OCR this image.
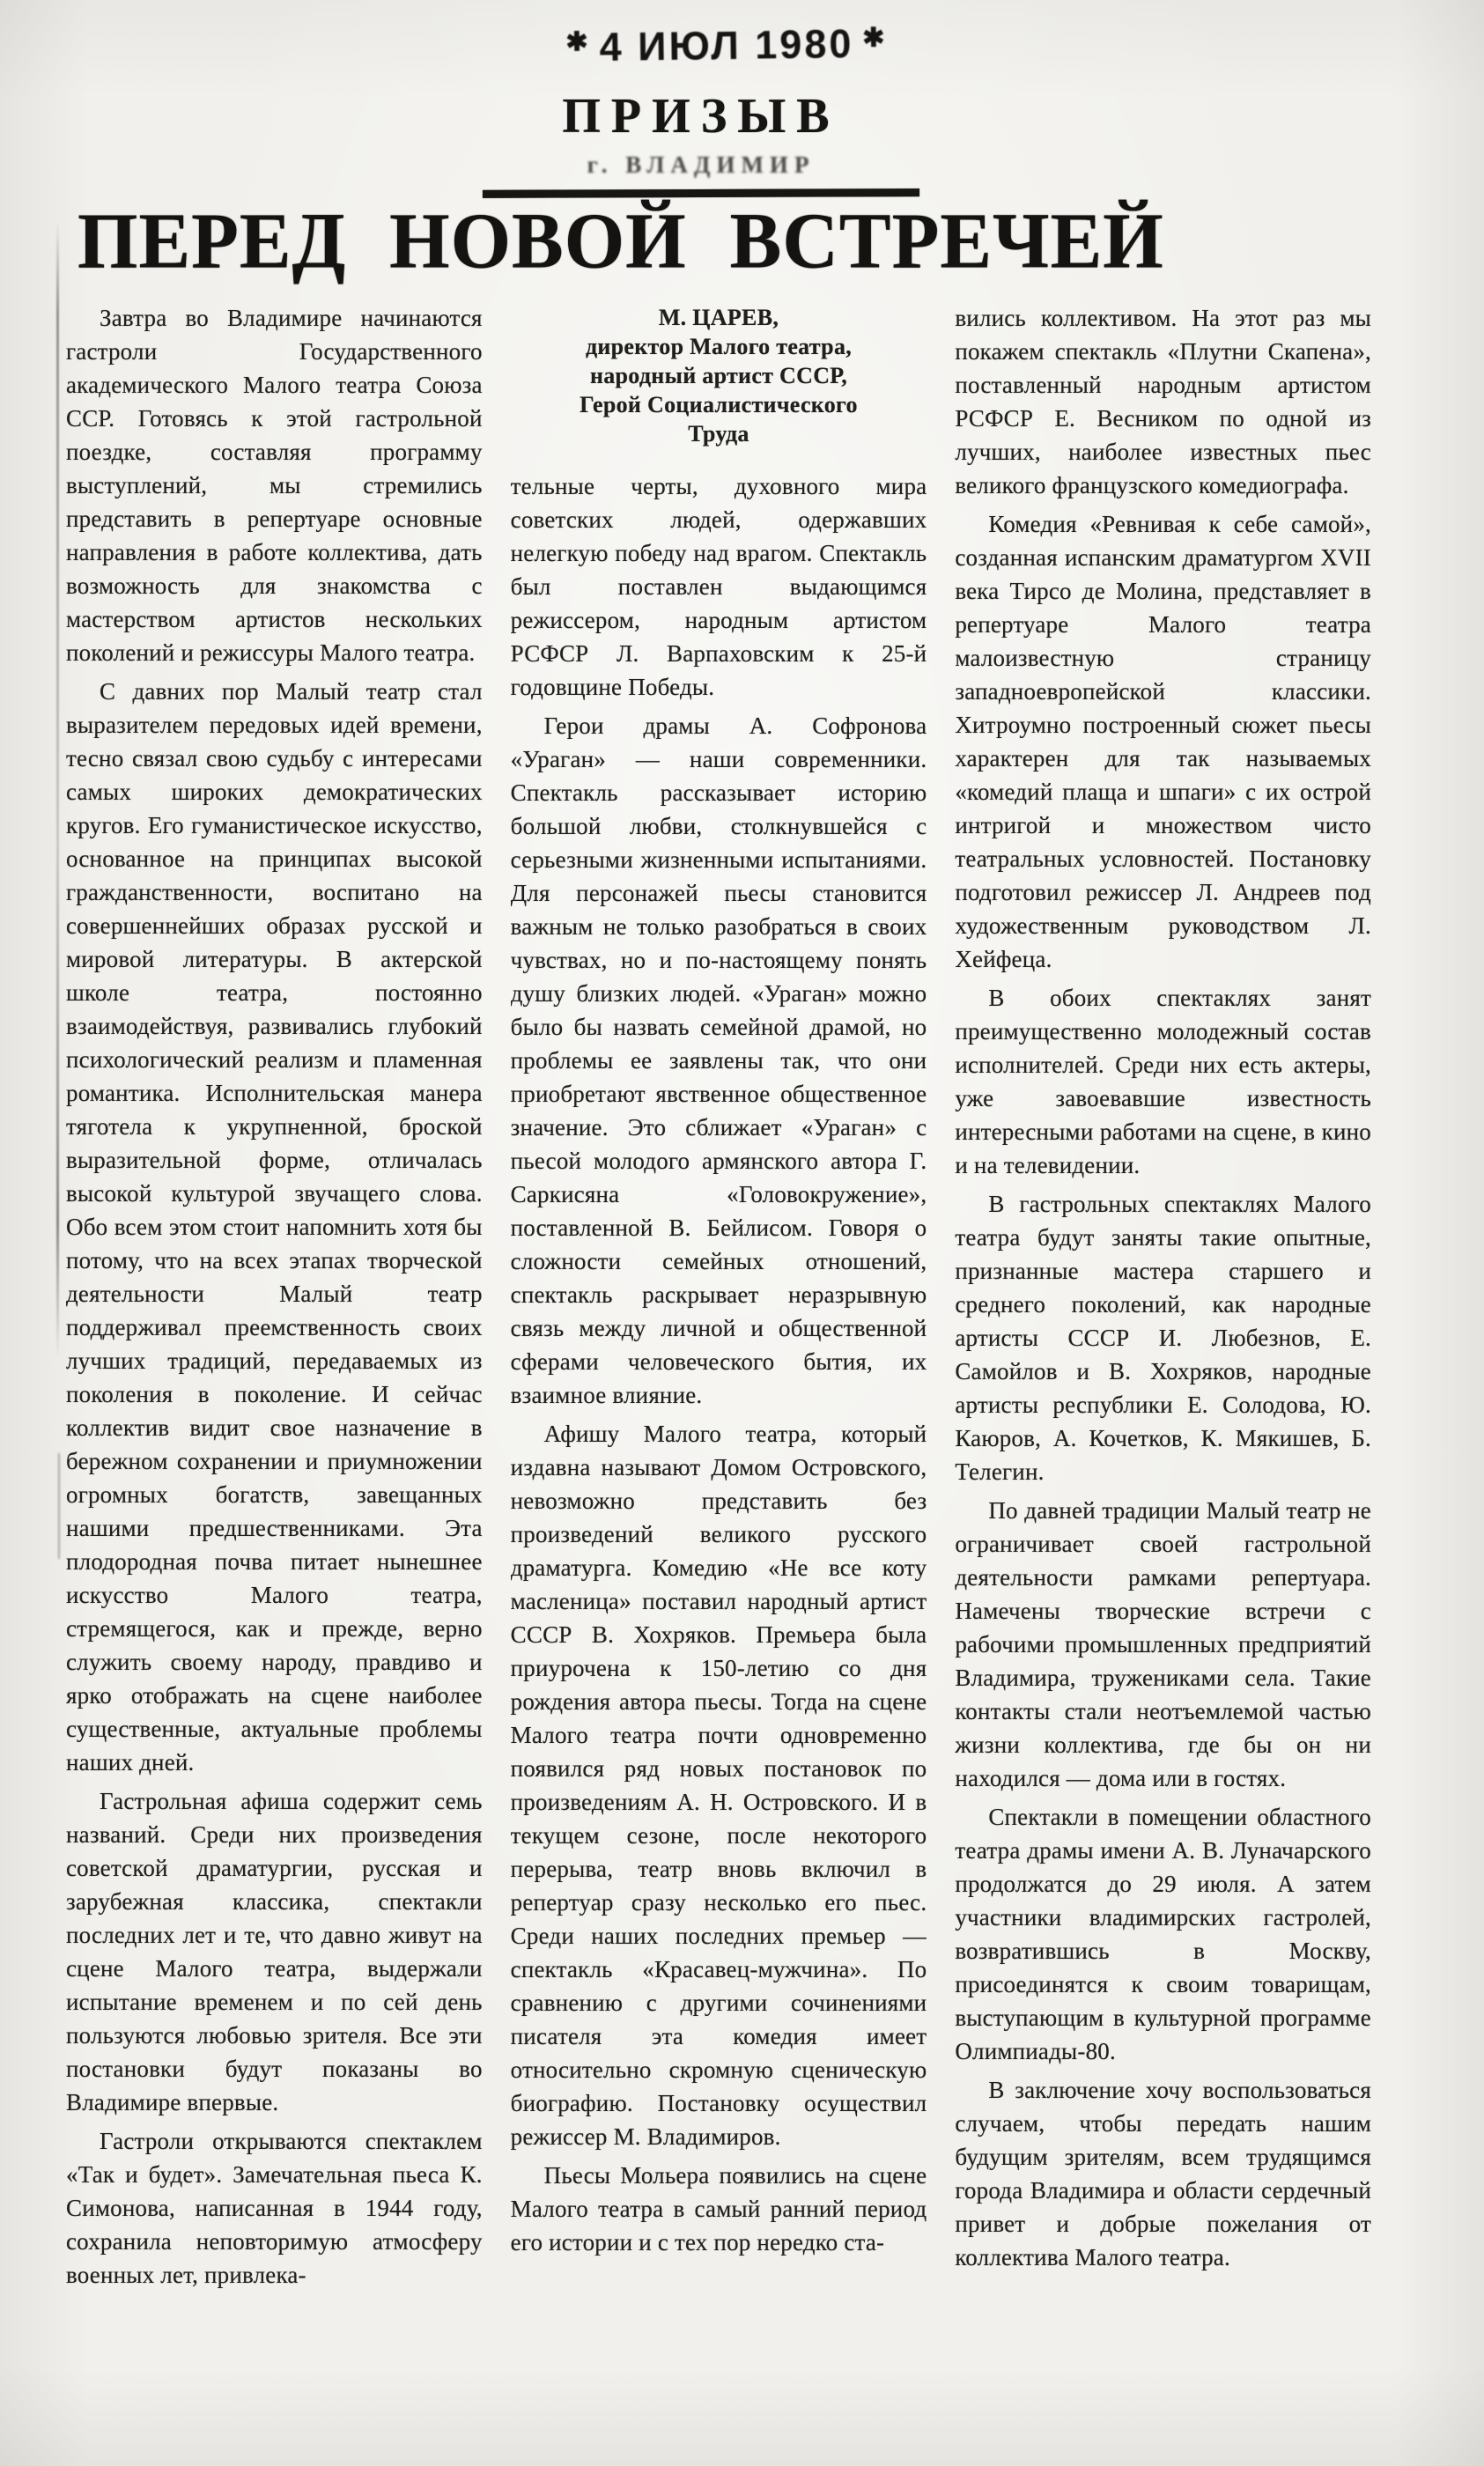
✱ 4 ИЮЛ 1980 ✱
ПРИЗЫВ
г. ВЛАДИМИР
ПЕРЕД НОВОЙ ВСТРЕЧЕЙ

Завтра во Владимире начинаются гастроли Государственного академического Малого театра Союза ССР. Готовясь к этой гастрольной поездке, составляя программу выступлений, мы стремились представить в репертуаре основные направления в работе коллектива, дать возможность для знакомства с мастерством артистов нескольких поколений и режиссуры Малого театра.

С давних пор Малый театр стал выразителем передовых идей времени, тесно связал свою судьбу с интересами самых широких демократических кругов. Его гуманистическое искусство, основанное на принципах высокой гражданственности, воспитано на совершеннейших образах русской и мировой литературы. В актерской школе театра, постоянно взаимодействуя, развивались глубокий психологический реализм и пламенная романтика. Исполнительская манера тяготела к укрупненной, броской выразительной форме, отличалась высокой культурой звучащего слова. Обо всем этом стоит напомнить хотя бы потому, что на всех этапах творческой деятельности Малый театр поддерживал преемственность своих лучших традиций, передаваемых из поколения в поколение. И сейчас коллектив видит свое назначение в бережном сохранении и приумножении огромных богатств, завещанных нашими предшественниками. Эта плодородная почва питает нынешнее искусство Малого театра, стремящегося, как и прежде, верно служить своему народу, правдиво и ярко отображать на сцене наиболее существенные, актуальные проблемы наших дней.

Гастрольная афиша содержит семь названий. Среди них произведения советской драматургии, русская и зарубежная классика, спектакли последних лет и те, что давно живут на сцене Малого театра, выдержали испытание временем и по сей день пользуются любовью зрителя. Все эти постановки будут показаны во Владимире впервые.

Гастроли открываются спектаклем «Так и будет». Замечательная пьеса К. Симонова, написанная в 1944 году, сохранила неповторимую атмосферу военных лет, привлека-

М. ЦАРЕВ,
директор Малого театра,
народный артист СССР,
Герой Социалистического
Труда

тельные черты, духовного мира советских людей, одержавших нелегкую победу над врагом. Спектакль был поставлен выдающимся режиссером, народным артистом РСФСР Л. Варпаховским к 25-й годовщине Победы.

Герои драмы А. Софронова «Ураган» — наши современники. Спектакль рассказывает историю большой любви, столкнувшейся с серьезными жизненными испытаниями. Для персонажей пьесы становится важным не только разобраться в своих чувствах, но и по-настоящему понять душу близких людей. «Ураган» можно было бы назвать семейной драмой, но проблемы ее заявлены так, что они приобретают явственное общественное значение. Это сближает «Ураган» с пьесой молодого армянского автора Г. Саркисяна «Головокружение», поставленной В. Бейлисом. Говоря о сложности семейных отношений, спектакль раскрывает неразрывную связь между личной и общественной сферами человеческого бытия, их взаимное влияние.

Афишу Малого театра, который издавна называют Домом Островского, невозможно представить без произведений великого русского драматурга. Комедию «Не все коту масленица» поставил народный артист СССР В. Хохряков. Премьера была приурочена к 150-летию со дня рождения автора пьесы. Тогда на сцене Малого театра почти одновременно появился ряд новых постановок по произведениям А. Н. Островского. И в текущем сезоне, после некоторого перерыва, театр вновь включил в репертуар сразу несколько его пьес. Среди наших последних премьер — спектакль «Красавец-мужчина». По сравнению с другими сочинениями писателя эта комедия имеет относительно скромную сценическую биографию. Постановку осуществил режиссер М. Владимиров.

Пьесы Мольера появились на сцене Малого театра в самый ранний период его истории и с тех пор нередко ста-

вились коллективом. На этот раз мы покажем спектакль «Плутни Скапена», поставленный народным артистом РСФСР Е. Весником по одной из лучших, наиболее известных пьес великого французского комедиографа.

Комедия «Ревнивая к себе самой», созданная испанским драматургом XVII века Тирсо де Молина, представляет в репертуаре Малого театра малоизвестную страницу западноевропейской классики. Хитроумно построенный сюжет пьесы характерен для так называемых «комедий плаща и шпаги» с их острой интригой и множеством чисто театральных условностей. Постановку подготовил режиссер Л. Андреев под художественным руководством Л. Хейфеца.

В обоих спектаклях занят преимущественно молодежный состав исполнителей. Среди них есть актеры, уже завоевавшие известность интересными работами на сцене, в кино и на телевидении.

В гастрольных спектаклях Малого театра будут заняты такие опытные, признанные мастера старшего и среднего поколений, как народные артисты СССР И. Любезнов, Е. Самойлов и В. Хохряков, народные артисты республики Е. Солодова, Ю. Каюров, А. Кочетков, К. Мякишев, Б. Телегин.

По давней традиции Малый театр не ограничивает своей гастрольной деятельности рамками репертуара. Намечены творческие встречи с рабочими промышленных предприятий Владимира, тружениками села. Такие контакты стали неотъемлемой частью жизни коллектива, где бы он ни находился — дома или в гостях.

Спектакли в помещении областного театра драмы имени А. В. Луначарского продолжатся до 29 июля. А затем участники владимирских гастролей, возвратившись в Москву, присоединятся к своим товарищам, выступающим в культурной программе Олимпиады-80.

В заключение хочу воспользоваться случаем, чтобы передать нашим будущим зрителям, всем трудящимся города Владимира и области сердечный привет и добрые пожелания от коллектива Малого театра.
